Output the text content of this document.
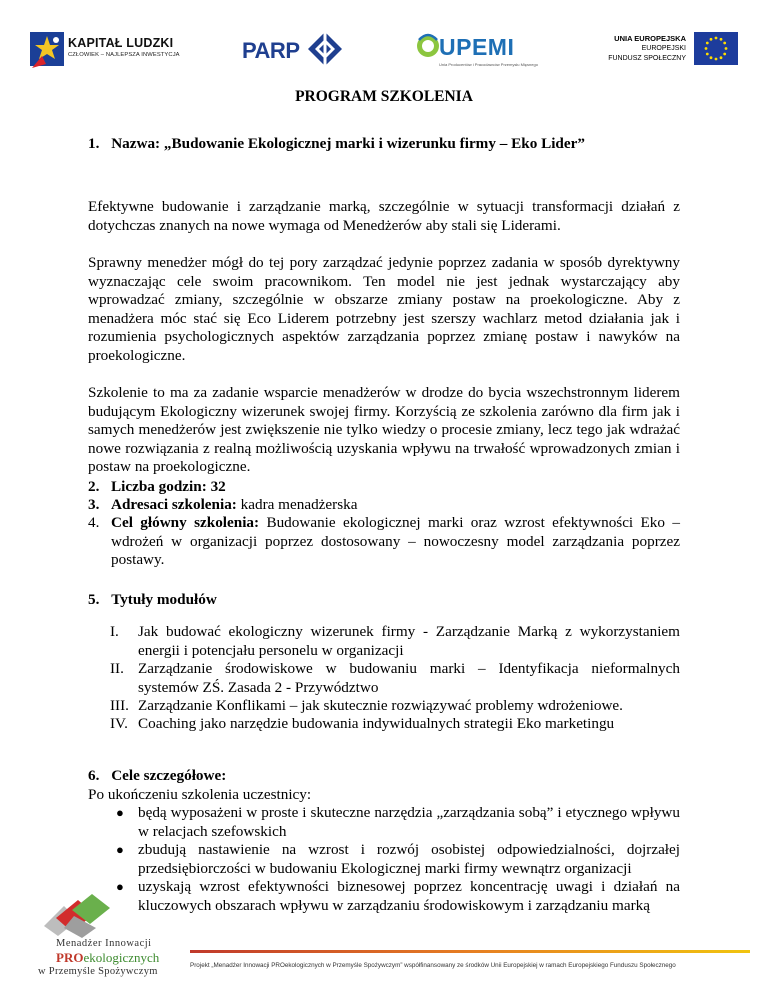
KAPITAŁ LUDZKI
CZŁOWIEK – NAJLEPSZA INWESTYCJA	PARP	UPEMI
Unia Producentów i Pracodawców Przemysłu Mięsnego
UNIA EUROPEJSKA
EUROPEJSKI
FUNDUSZ SPOŁECZNY
PROGRAM SZKOLENIA
1. Nazwa: „Budowanie Ekologicznej marki i wizerunku firmy – Eko Lider”
Efektywne budowanie i zarządzanie marką, szczególnie w sytuacji transformacji działań z dotychczas znanych na nowe wymaga od Menedżerów aby stali się Liderami.
Sprawny menedżer mógł do tej pory zarządzać jedynie poprzez zadania w sposób dyrektywny wyznaczając cele swoim pracownikom. Ten model nie jest jednak wystarczający aby wprowadzać zmiany, szczególnie w obszarze zmiany postaw na proekologiczne. Aby z menadżera móc stać się Eco Liderem potrzebny jest szerszy wachlarz metod działania jak i rozumienia psychologicznych aspektów zarządzania poprzez zmianę postaw i nawyków na proekologiczne.
Szkolenie to ma za zadanie wsparcie menadżerów w drodze do bycia wszechstronnym liderem budującym Ekologiczny wizerunek swojej firmy. Korzyścią ze szkolenia zarówno dla firm jak i samych menedżerów jest zwiększenie nie tylko wiedzy o procesie zmiany, lecz tego jak wdrażać nowe rozwiązania z realną możliwością uzyskania wpływu na trwałość wprowadzonych zmian i postaw na proekologiczne.
2. Liczba godzin: 32
3. Adresaci szkolenia: kadra menadżerska
4. Cel główny szkolenia: Budowanie ekologicznej marki oraz wzrost efektywności Eko – wdrożeń w organizacji poprzez dostosowany – nowoczesny model zarządzania poprzez postawy.
5. Tytuły modułów
I.	Jak budować ekologiczny wizerunek firmy - Zarządzanie Marką z wykorzystaniem energii i potencjału personelu w organizacji
II. Zarządzanie środowiskowe w budowaniu marki – Identyfikacja nieformalnych systemów ZŚ. Zasada 2 - Przywództwo
III. Zarządzanie Konflikami – jak skutecznie rozwiązywać problemy wdrożeniowe.
IV. Coaching jako narzędzie budowania indywidualnych strategii Eko marketingu
6. Cele szczegółowe:
Po ukończeniu szkolenia uczestnicy:
● będą wyposażeni w proste i skuteczne narzędzia „zarządzania sobą” i etycznego wpływu w relacjach szefowskich
● zbudują nastawienie na wzrost i rozwój osobistej odpowiedzialności, dojrzałej przedsiębiorczości w budowaniu Ekologicznej marki firmy wewnątrz organizacji
● uzyskają wzrost efektywności biznesowej poprzez koncentrację uwagi i działań na kluczowych obszarach wpływu w zarządzaniu środowiskowym i zarządzaniu marką
Menadżer Innowacji
PROekologicznych
w Przemyśle Spożywczym
Projekt „Menadżer Innowacji PROekologicznych w Przemyśle Spożywczym” współfinansowany ze środków Unii Europejskiej w ramach Europejskiego Funduszu Społecznego
